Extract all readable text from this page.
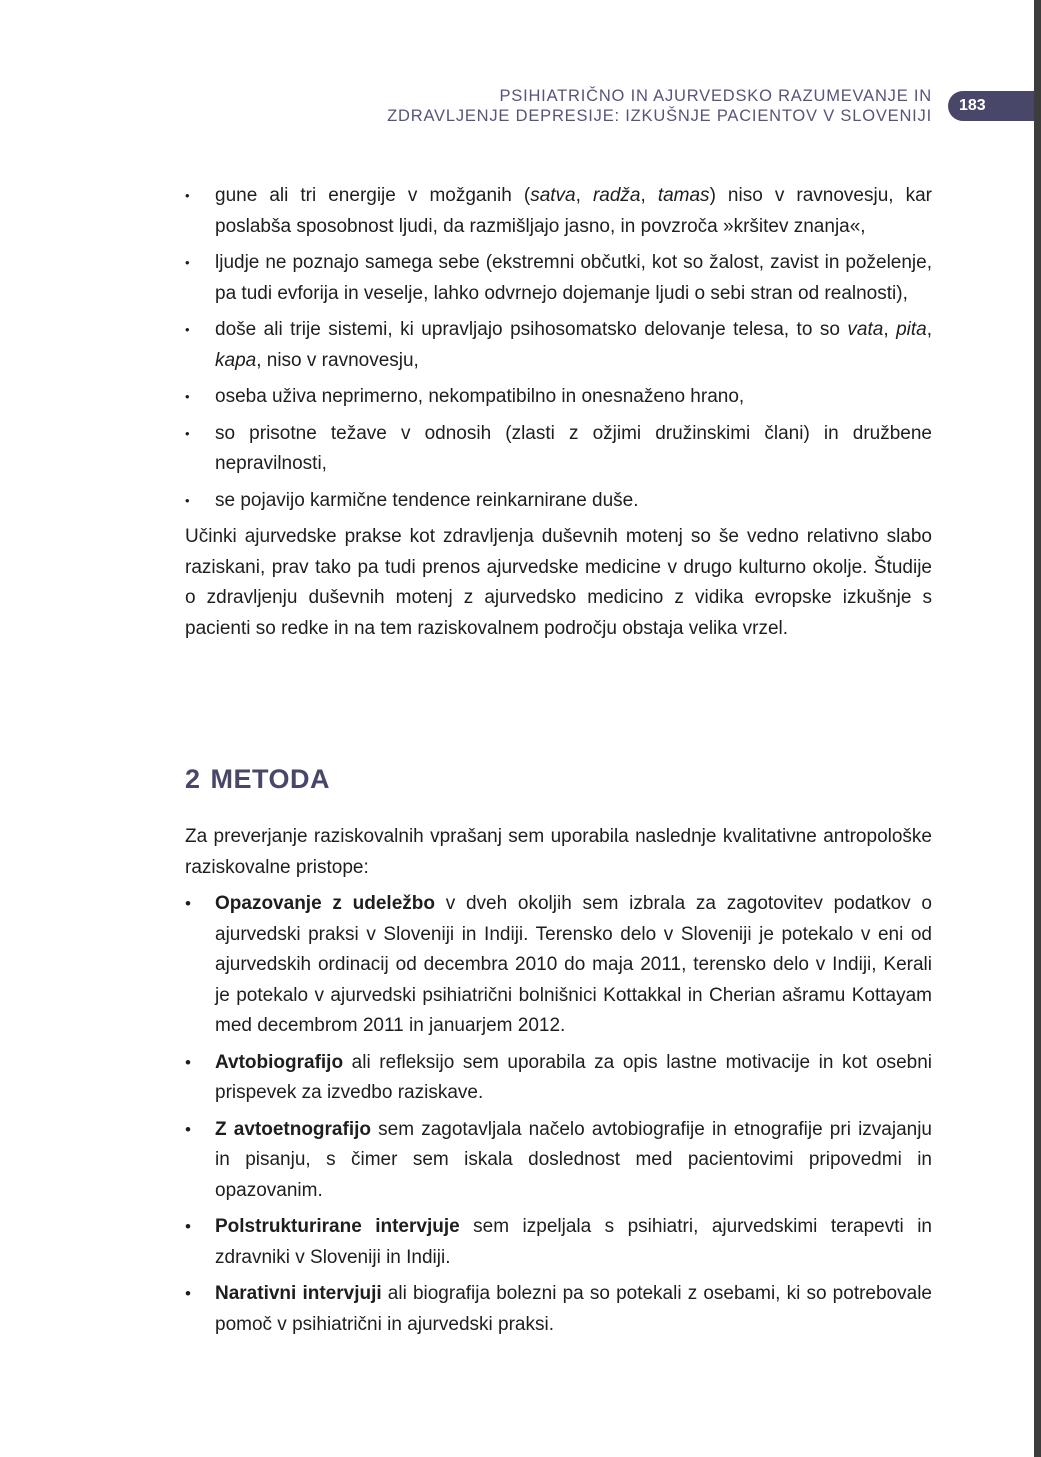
PSIHIATRIČNO IN AJURVEDSKO RAZUMEVANJE IN
ZDRAVLJENJE DEPRESIJE: IZKUŠNJE PACIENTOV V SLOVENIJI
183
• gune ali tri energije v možganih (satva, radža, tamas) niso v ravnovesju, kar poslabša sposobnost ljudi, da razmišljajo jasno, in povzroča »kršitev znanja«,
• ljudje ne poznajo samega sebe (ekstremni občutki, kot so žalost, zavist in poželenje, pa tudi evforija in veselje, lahko odvrnejo dojemanje ljudi o sebi stran od realnosti),
• doše ali trije sistemi, ki upravljajo psihosomatsko delovanje telesa, to so vata, pita, kapa, niso v ravnovesju,
• oseba uživa neprimerno, nekompatibilno in onesnaženo hrano,
• so prisotne težave v odnosih (zlasti z ožjimi družinskimi člani) in družbene nepravilnosti,
• se pojavijo karmične tendence reinkarnirane duše.

Učinki ajurvedske prakse kot zdravljenja duševnih motenj so še vedno relativno slabo raziskani, prav tako pa tudi prenos ajurvedske medicine v drugo kulturno okolje. Študije o zdravljenju duševnih motenj z ajurvedsko medicino z vidika evropske izkušnje s pacienti so redke in na tem raziskovalnem področju obstaja velika vrzel.

2 METODA

Za preverjanje raziskovalnih vprašanj sem uporabila naslednje kvalitativne antropološke raziskovalne pristope:

• Opazovanje z udeležbo v dveh okoljih sem izbrala za zagotovitev podatkov o ajurvedski praksi v Sloveniji in Indiji. Terensko delo v Sloveniji je potekalo v eni od ajurvedskih ordinacij od decembra 2010 do maja 2011, terensko delo v Indiji, Kerali je potekalo v ajurvedski psihiatrični bolnišnici Kottakkal in Cherian ašramu Kottayam med decembrom 2011 in januarjem 2012.
• Avtobiografijo ali refleksijo sem uporabila za opis lastne motivacije in kot osebni prispevek za izvedbo raziskave.
• Z avtoetnografijo sem zagotavljala načelo avtobiografije in etnografije pri izvajanju in pisanju, s čimer sem iskala doslednost med pacientovimi pripovedmi in opazovanim.
• Polstrukturirane intervjuje sem izpeljala s psihiatri, ajurvedskimi terapevti in zdravniki v Sloveniji in Indiji.
• Narativni intervjuji ali biografija bolezni pa so potekali z osebami, ki so potrebovale pomoč v psihiatrični in ajurvedski praksi.
